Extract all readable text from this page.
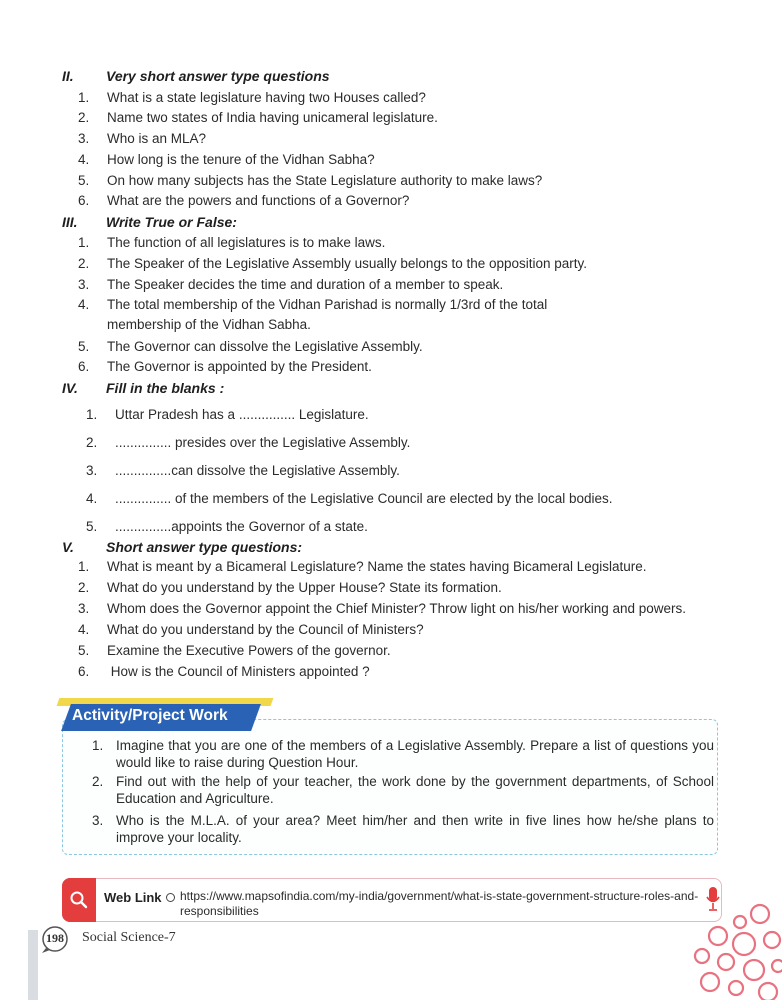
II. Very short answer type questions
1. What is a state legislature having two Houses called?
2. Name two states of India having unicameral legislature.
3. Who is an MLA?
4. How long is the tenure of the Vidhan Sabha?
5. On how many subjects has the State Legislature authority to make laws?
6. What are the powers and functions of a Governor?
III. Write True or False:
1. The function of all legislatures is to make laws.
2. The Speaker of the Legislative Assembly usually belongs to the opposition party.
3. The Speaker decides the time and duration of a member to speak.
4. The total membership of the Vidhan Parishad is normally 1/3rd of the total
membership of the Vidhan Sabha.
5. The Governor can dissolve the Legislative Assembly.
6. The Governor is appointed by the President.
IV. Fill in the blanks :
1. Uttar Pradesh has a ............... Legislature.
2. ............... presides over the Legislative Assembly.
3. ...............can dissolve the Legislative Assembly.
4. ............... of the members of the Legislative Council are elected by the local bodies.
5. ...............appoints the Governor of a state.
V. Short answer type questions:
1. What is meant by a Bicameral Legislature? Name the states having Bicameral Legislature.
2. What do you understand by the Upper House? State its formation.
3. Whom does the Governor appoint the Chief Minister? Throw light on his/her working and powers.
4. What do you understand by the Council of Ministers?
5. Examine the Executive Powers of the governor.
6. How is the Council of Ministers appointed ?
Activity/Project Work
1. Imagine that you are one of the members of a Legislative Assembly. Prepare a list of questions you would like to raise during Question Hour.
2. Find out with the help of your teacher, the work done by the government departments, of School Education and Agriculture.
3. Who is the M.L.A. of your area? Meet him/her and then write in five lines how he/she plans to improve your locality.
Web Link https://www.mapsofindia.com/my-india/government/what-is-state-government-structure-roles-and-responsibilities
198	Social Science-7
